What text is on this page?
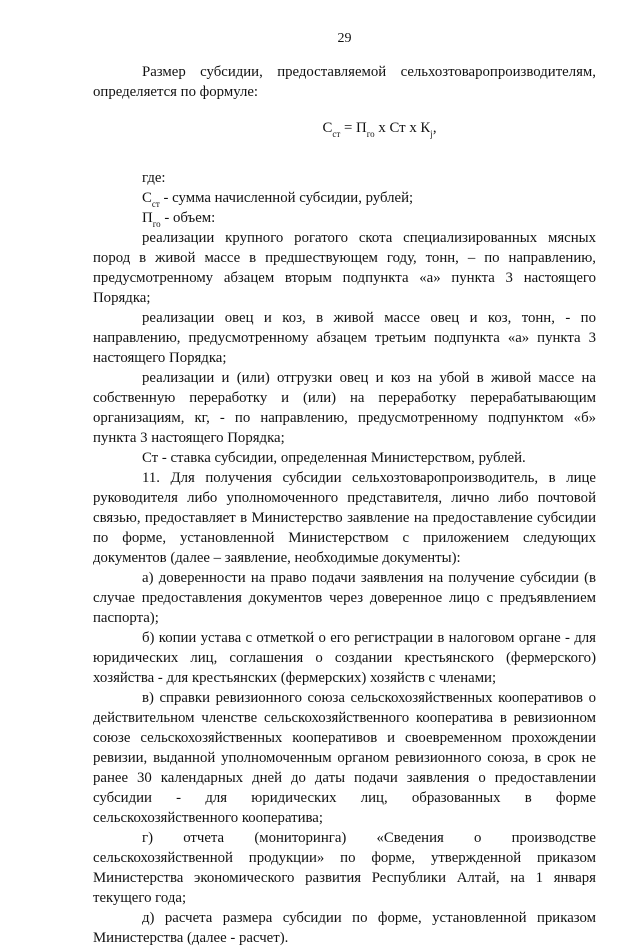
29

Размер субсидии, предоставляемой сельхозтоваропроизводителям, определяется по формуле:

$С_{ст} = П_{го}$ х Ст х $К_j$,

где:

$С_{ст}$ - сумма начисленной субсидии, рублей;

$П_{го}$ - объем:

реализации крупного рогатого скота специализированных мясных пород в живой массе в предшествующем году, тонн, – по направлению, предусмотренному абзацем вторым подпункта «а» пункта 3 настоящего Порядка;

реализации овец и коз, в живой массе овец и коз, тонн, - по направлению, предусмотренному абзацем третьим подпункта «а» пункта 3 настоящего Порядка;

реализации и (или) отгрузки овец и коз на убой в живой массе на собственную переработку и (или) на переработку перерабатывающим организациям, кг, - по направлению, предусмотренному подпунктом «б» пункта 3 настоящего Порядка;

Ст - ставка субсидии, определенная Министерством, рублей.

11. Для получения субсидии сельхозтоваропроизводитель, в лице руководителя либо уполномоченного представителя, лично либо почтовой связью, предоставляет в Министерство заявление на предоставление субсидии по форме, установленной Министерством с приложением следующих документов (далее – заявление, необходимые документы):

а) доверенности на право подачи заявления на получение субсидии (в случае предоставления документов через доверенное лицо с предъявлением паспорта);

б) копии устава с отметкой о его регистрации в налоговом органе - для юридических лиц, соглашения о создании крестьянского (фермерского) хозяйства - для крестьянских (фермерских) хозяйств с членами;

в) справки ревизионного союза сельскохозяйственных кооперативов о действительном членстве сельскохозяйственного кооператива в ревизионном союзе сельскохозяйственных кооперативов и своевременном прохождении ревизии, выданной уполномоченным органом ревизионного союза, в срок не ранее 30 календарных дней до даты подачи заявления о предоставлении субсидии - для юридических лиц, образованных в форме сельскохозяйственного кооператива;

г) отчета (мониторинга) «Сведения о производстве сельскохозяйственной продукции» по форме, утвержденной приказом Министерства экономического развития Республики Алтай, на 1 января текущего года;

д) расчета размера субсидии по форме, установленной приказом Министерства (далее - расчет).
